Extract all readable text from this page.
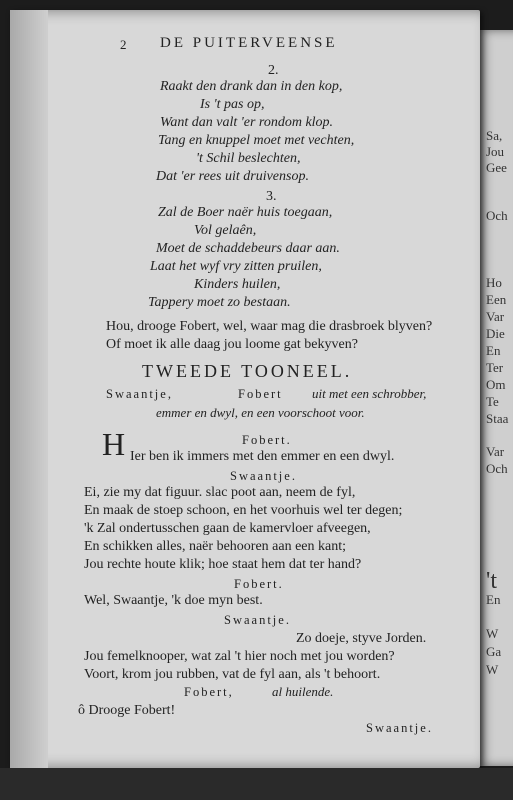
Sa,
Jou
Gee
Och
Ho
Een
Var
Die
En
Ter
Om
Te
Staa
Var
Och
't
En
W
Ga
W
2 DE PUITERVEENSE
2.
Raakt den drank dan in den kop,
Is 't pas op,
Want dan valt 'er rondom klop.
Tang en knuppel moet met vechten,
't Schil beslechten,
Dat 'er rees uit druivensop.
3.
Zal de Boer naër huis toegaan,
Vol gelaên,
Moet de schaddebeurs daar aan.
Laat het wyf vry zitten pruilen,
Kinders huilen,
Tappery moet zo bestaan.
Hou, drooge Fobert, wel, waar mag die drasbroek blyven?
Of moet ik alle daag jou loome gat bekyven?
TWEEDE TOONEEL.
Swaantje,	Fobert uit met een schrobber,
emmer en dwyl, en een voorschoot voor.
Fobert.
H Ier ben ik immers met den emmer en een dwyl.
Swaantje.
Ei, zie my dat figuur. slac poot aan, neem de fyl,
En maak de stoep schoon, en het voorhuis wel ter degen;
'k Zal ondertusschen gaan de kamervloer afveegen,
En schikken alles, naër behooren aan een kant;
Jou rechte houte klik; hoe staat hem dat ter hand?
Fobert.
Wel, Swaantje, 'k doe myn best.
Swaantje.
Zo doeje, styve Jorden.
Jou femelknooper, wat zal 't hier noch met jou worden?
Voort, krom jou rubben, vat de fyl aan, als 't behoort.
Fobert,	al huilende.
ô Drooge Fobert!
Swaantje.
